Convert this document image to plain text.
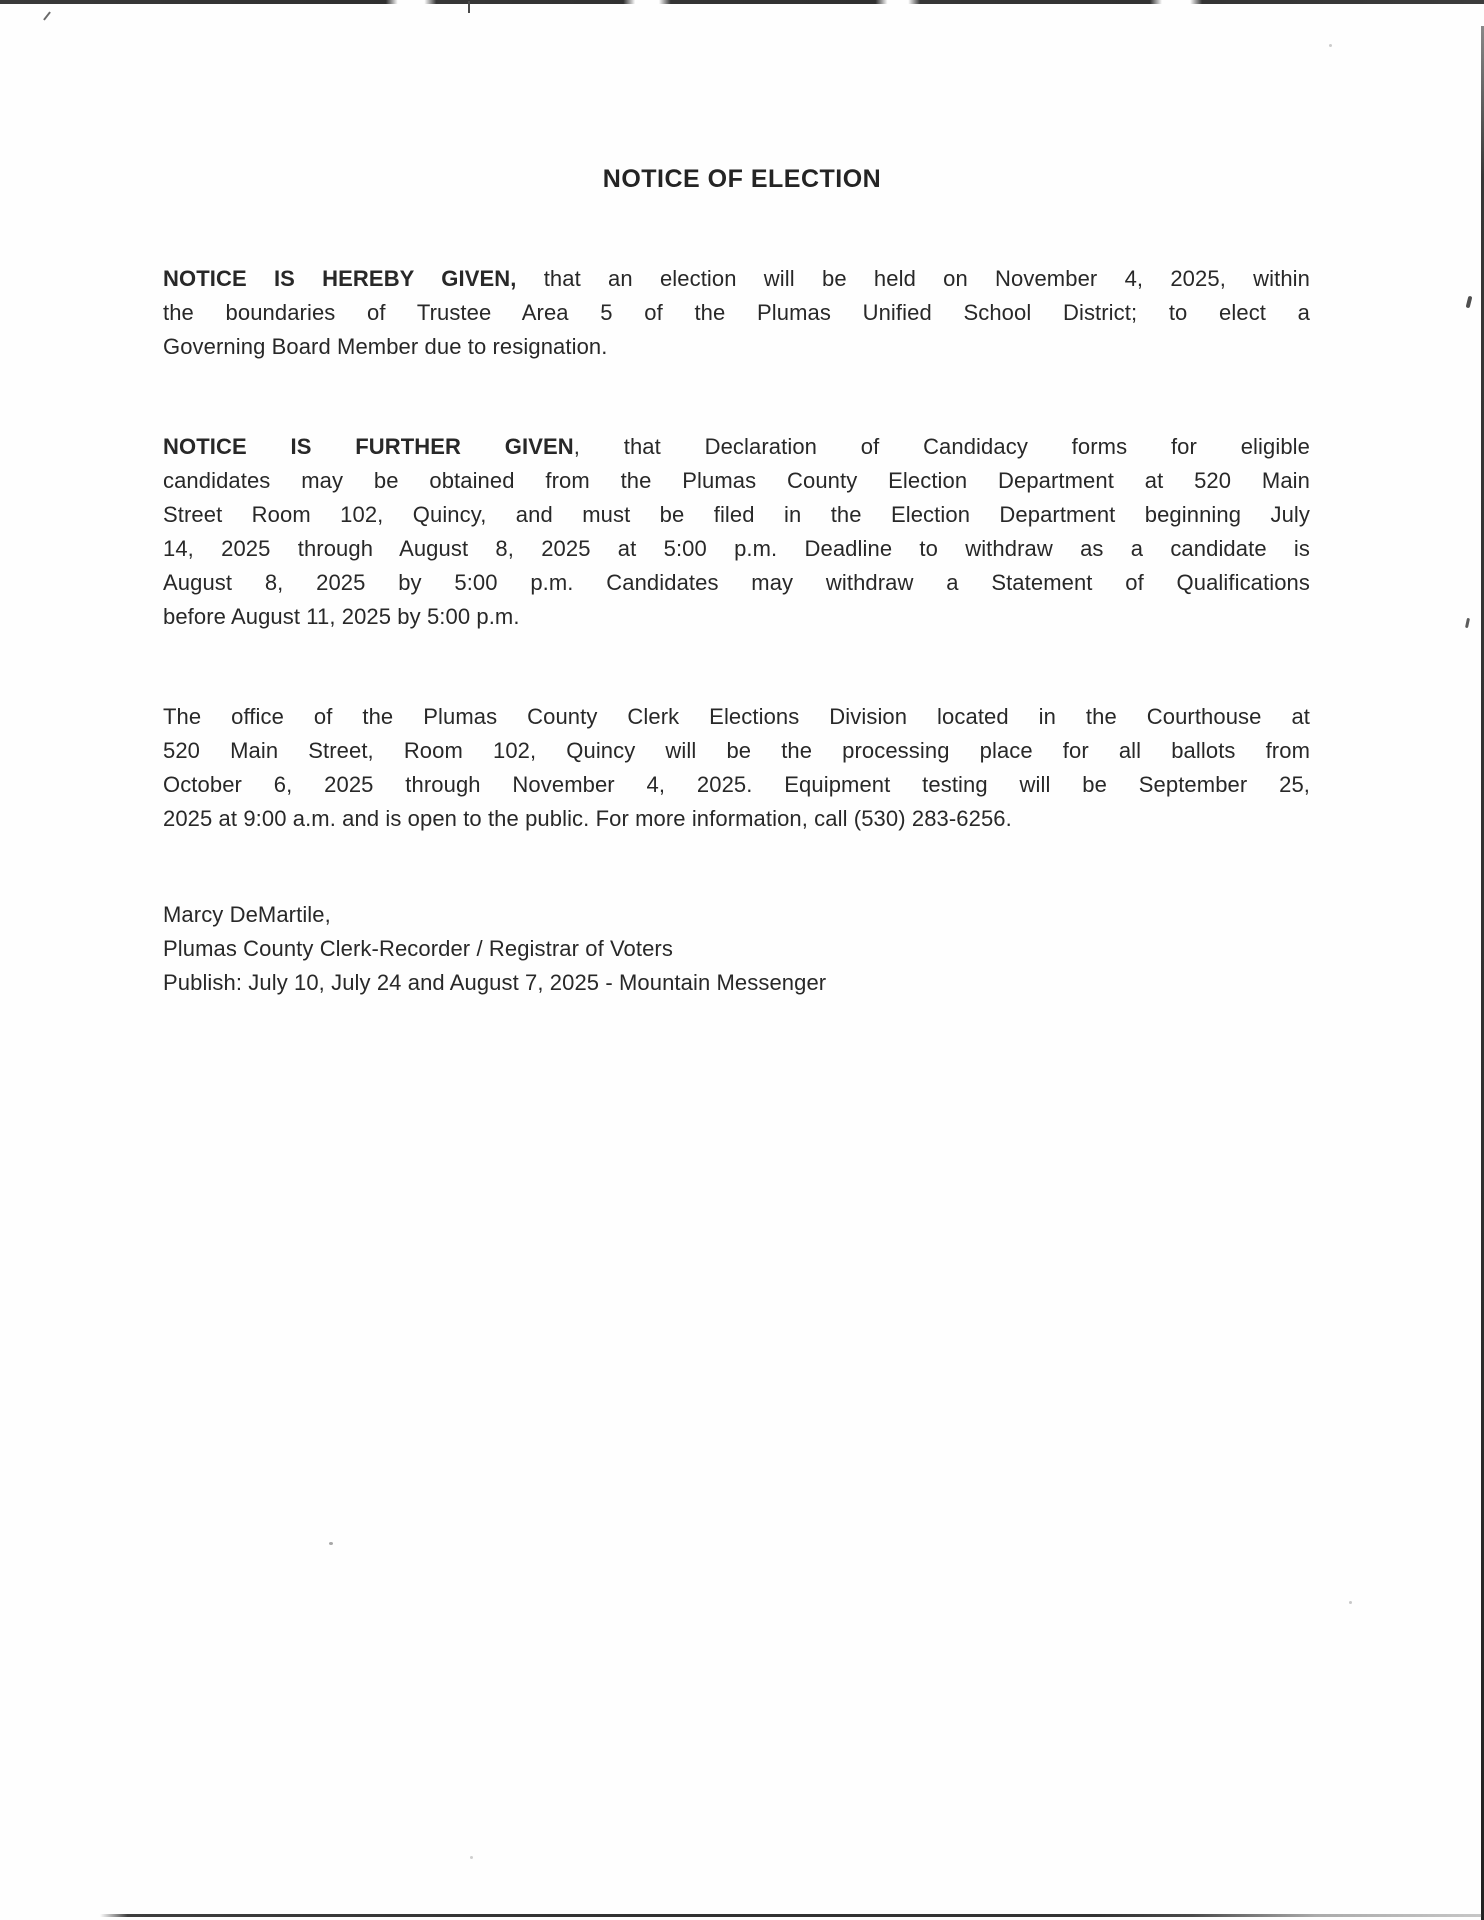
NOTICE OF ELECTION
NOTICE IS HEREBY GIVEN, that an election will be held on November 4, 2025, within
the boundaries of Trustee Area 5 of the Plumas Unified School District; to elect a
Governing Board Member due to resignation.
NOTICE IS FURTHER GIVEN, that Declaration of Candidacy forms for eligible
candidates may be obtained from the Plumas County Election Department at 520 Main
Street Room 102, Quincy, and must be filed in the Election Department beginning July
14, 2025 through August 8, 2025 at 5:00 p.m. Deadline to withdraw as a candidate is
August 8, 2025 by 5:00 p.m. Candidates may withdraw a Statement of Qualifications
before August 11, 2025 by 5:00 p.m.
The office of the Plumas County Clerk Elections Division located in the Courthouse at
520 Main Street, Room 102, Quincy will be the processing place for all ballots from
October 6, 2025 through November 4, 2025. Equipment testing will be September 25,
2025 at 9:00 a.m. and is open to the public. For more information, call (530) 283-6256.
Marcy DeMartile,
Plumas County Clerk-Recorder / Registrar of Voters
Publish: July 10, July 24 and August 7, 2025 - Mountain Messenger
